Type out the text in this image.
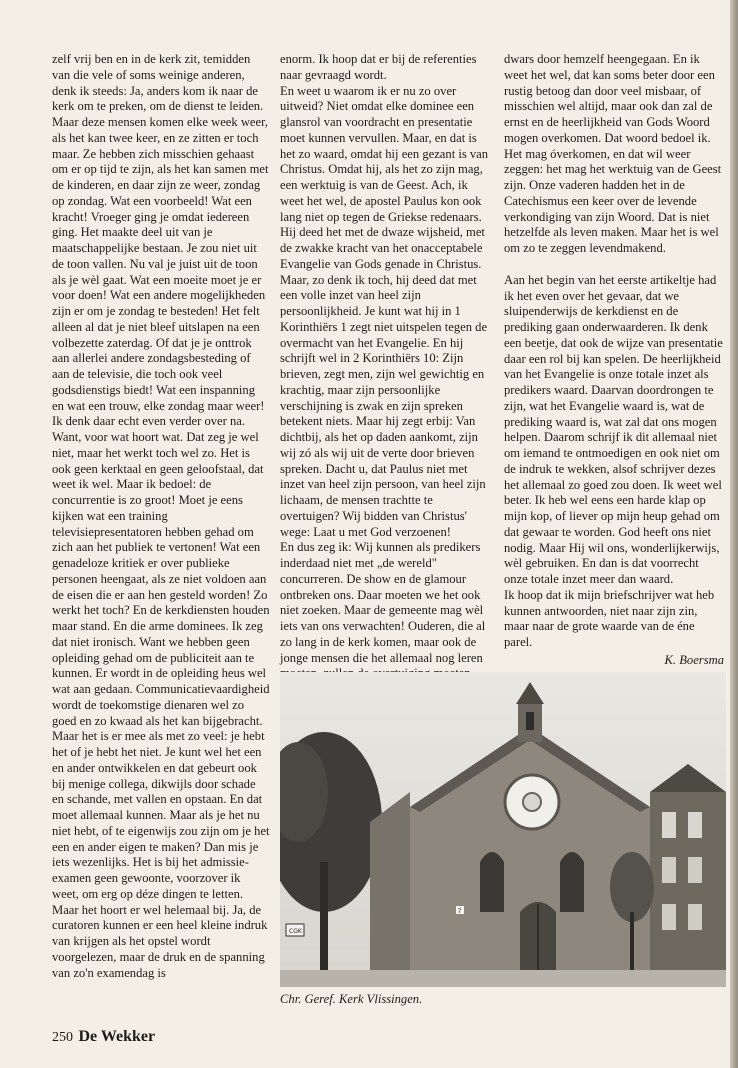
zelf vrij ben en in de kerk zit, temidden van die vele of soms weinige anderen, denk ik steeds: Ja, anders kom ik naar de kerk om te preken, om de dienst te leiden. Maar deze mensen komen elke week weer, als het kan twee keer, en ze zitten er toch maar. Ze hebben zich misschien gehaast om er op tijd te zijn, als het kan samen met de kinderen, en daar zijn ze weer, zondag op zondag. Wat een voorbeeld! Wat een kracht! Vroeger ging je omdat iedereen ging. Het maakte deel uit van je maatschappelijke bestaan. Je zou niet uit de toon vallen. Nu val je juist uit de toon als je wèl gaat. Wat een moeite moet je er voor doen! Wat een andere mogelijkheden zijn er om je zondag te besteden! Het felt alleen al dat je niet bleef uitslapen na een volbezette zaterdag. Of dat je je onttrok aan allerlei andere zondagsbesteding of aan de televisie, die toch ook veel godsdienstigs biedt! Wat een inspanning en wat een trouw, elke zondag maar weer!

Ik denk daar echt even verder over na. Want, voor wat hoort wat. Dat zeg je wel niet, maar het werkt toch wel zo. Het is ook geen kerktaal en geen geloofstaal, dat weet ik wel. Maar ik bedoel: de concurrentie is zo groot! Moet je eens kijken wat een training televisiepresentatoren hebben gehad om zich aan het publiek te vertonen! Wat een genadeloze kritiek er over publieke personen heengaat, als ze niet voldoen aan de eisen die er aan hen gesteld worden! Zo werkt het toch? En de kerkdiensten houden maar stand. En die arme dominees. Ik zeg dat niet ironisch. Want we hebben geen opleiding gehad om de publiciteit aan te kunnen. Er wordt in de opleiding heus wel wat aan gedaan. Communicatievaardigheid wordt de toekomstige dienaren wel zo goed en zo kwaad als het kan bijgebracht. Maar het is er mee als met zo veel: je hebt het of je hebt het niet. Je kunt wel het een en ander ontwikkelen en dat gebeurt ook bij menige collega, dikwijls door schade en schande, met vallen en opstaan. En dat moet allemaal kunnen. Maar als je het nu niet hebt, of te eigenwijs zou zijn om je het een en ander eigen te maken? Dan mis je iets wezenlijks. Het is bij het admissie-examen geen gewoonte, voorzover ik weet, om erg op déze dingen te letten. Maar het hoort er wel helemaal bij. Ja, de curatoren kunnen er een heel kleine indruk van krijgen als het opstel wordt voorgelezen, maar de druk en de spanning van zo'n examendag is

enorm. Ik hoop dat er bij de referenties naar gevraagd wordt.

En weet u waarom ik er nu zo over uitweid? Niet omdat elke dominee een glansrol van voordracht en presentatie moet kunnen vervullen. Maar, en dat is het zo waard, omdat hij een gezant is van Christus. Omdat hij, als het zo zijn mag, een werktuig is van de Geest. Ach, ik weet het wel, de apostel Paulus kon ook lang niet op tegen de Griekse redenaars. Hij deed het met de dwaze wijsheid, met de zwakke kracht van het onacceptabele Evangelie van Gods genade in Christus. Maar, zo denk ik toch, hij deed dat met een volle inzet van heel zijn persoonlijkheid. Je kunt wat hij in 1 Korinthiërs 1 zegt niet uitspelen tegen de overmacht van het Evangelie. En hij schrijft wel in 2 Korinthiërs 10: Zijn brieven, zegt men, zijn wel gewichtig en krachtig, maar zijn persoonlijke verschijning is zwak en zijn spreken betekent niets. Maar hij zegt erbij: Van dichtbij, als het op daden aankomt, zijn wij zó als wij uit de verte door brieven spreken. Dacht u, dat Paulus niet met inzet van heel zijn persoon, van heel zijn lichaam, de mensen trachtte te overtuigen? Wij bidden van Christus' wege: Laat u met God verzoenen!

En dus zeg ik: Wij kunnen als predikers inderdaad niet met „de wereld" concurreren. De show en de glamour ontbreken ons. Daar moeten we het ook niet zoeken. Maar de gemeente mag wèl iets van ons verwachten! Ouderen, die al zo lang in de kerk komen, maar ook de jonge mensen die het allemaal nog leren

dwars door hemzelf heengegaan. En ik weet het wel, dat kan soms beter door een rustig betoog dan door veel misbaar, of misschien wel altijd, maar ook dan zal de ernst en de heerlijkheid van Gods Woord mogen overkomen. Dat woord bedoel ik. Het mag óverkomen, en dat wil weer zeggen: het mag het werktuig van de Geest zijn. Onze vaderen hadden het in de Catechismus een keer over de levende verkondiging van zijn Woord. Dat is niet hetzelfde als leven maken. Maar het is wel om zo te zeggen levendmakend.

Aan het begin van het eerste artikeltje had ik het even over het gevaar, dat we sluipenderwijs de kerkdienst en de prediking gaan onderwaarderen. Ik denk een beetje, dat ook de wijze van presentatie daar een rol bij kan spelen. De heerlijkheid van het Evangelie is onze totale inzet als predikers waard. Daarvan doordrongen te zijn, wat het Evangelie waard is, wat de prediking waard is, wat zal dat ons mogen helpen. Daarom schrijf ik dit allemaal niet om iemand te ontmoedigen en ook niet om de indruk te wekken, alsof schrijver dezes het allemaal zo goed zou doen. Ik weet wel beter. Ik heb wel eens een harde klap op mijn kop, of liever op mijn heup gehad om dat gewaar te worden. God heeft ons niet nodig. Maar Hij wil ons, wonderlijkerwijs, wèl gebruiken. En dan is dat voorrecht onze totale inzet meer dan waard.

Ik hoop dat ik mijn briefschrijver wat heb kunnen antwoorden, niet naar zijn zin, maar naar de grote waarde van de éne parel.

K. Boersma
CGK
7
Chr. Geref. Kerk Vlissingen.
250 De Wekker
